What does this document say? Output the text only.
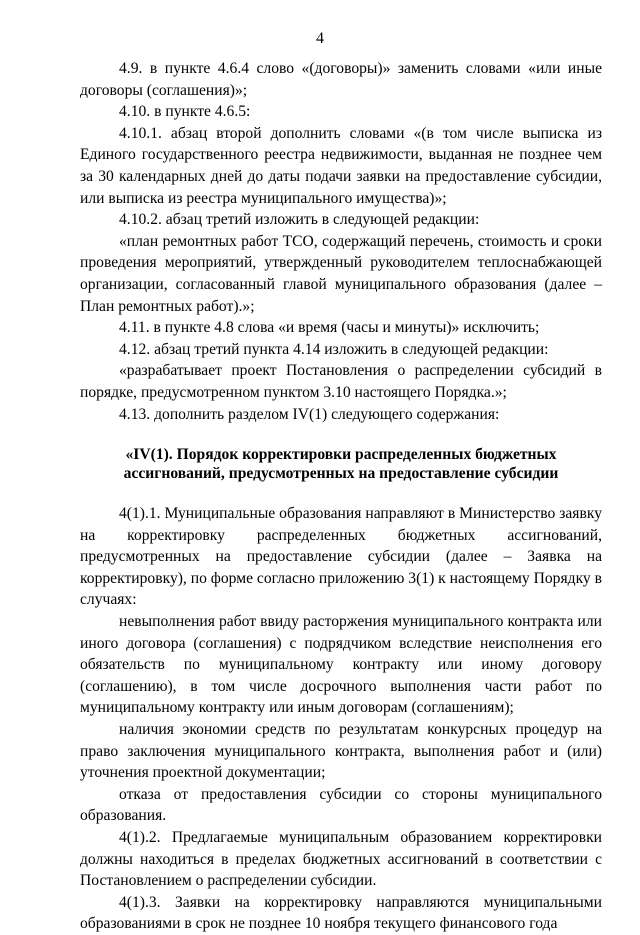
4

4.9. в пункте 4.6.4 слово «(договоры)» заменить словами «или иные договоры (соглашения)»;

4.10. в пункте 4.6.5:

4.10.1. абзац второй дополнить словами «(в том числе выписка из Единого государственного реестра недвижимости, выданная не позднее чем за 30 календарных дней до даты подачи заявки на предоставление субсидии, или выписка из реестра муниципального имущества)»;

4.10.2. абзац третий изложить в следующей редакции:

«план ремонтных работ ТСО, содержащий перечень, стоимость и сроки проведения мероприятий, утвержденный руководителем теплоснабжающей организации, согласованный главой муниципального образования (далее – План ремонтных работ).»;

4.11. в пункте 4.8 слова «и время (часы и минуты)» исключить;

4.12. абзац третий пункта 4.14 изложить в следующей редакции:

«разрабатывает проект Постановления о распределении субсидий в порядке, предусмотренном пунктом 3.10 настоящего Порядка.»;

4.13. дополнить разделом IV(1) следующего содержания:

«IV(1). Порядок корректировки распределенных бюджетных
ассигнований, предусмотренных на предоставление субсидии

4(1).1. Муниципальные образования направляют в Министерство заявку на корректировку распределенных бюджетных ассигнований, предусмотренных на предоставление субсидии (далее – Заявка на корректировку), по форме согласно приложению 3(1) к настоящему Порядку в случаях:

невыполнения работ ввиду расторжения муниципального контракта или иного договора (соглашения) с подрядчиком вследствие неисполнения его обязательств по муниципальному контракту или иному договору (соглашению), в том числе досрочного выполнения части работ по муниципальному контракту или иным договорам (соглашениям);

наличия экономии средств по результатам конкурсных процедур на право заключения муниципального контракта, выполнения работ и (или) уточнения проектной документации;

отказа от предоставления субсидии со стороны муниципального образования.

4(1).2. Предлагаемые муниципальным образованием корректировки должны находиться в пределах бюджетных ассигнований в соответствии с Постановлением о распределении субсидии.

4(1).3. Заявки на корректировку направляются муниципальными образованиями в срок не позднее 10 ноября текущего финансового года
